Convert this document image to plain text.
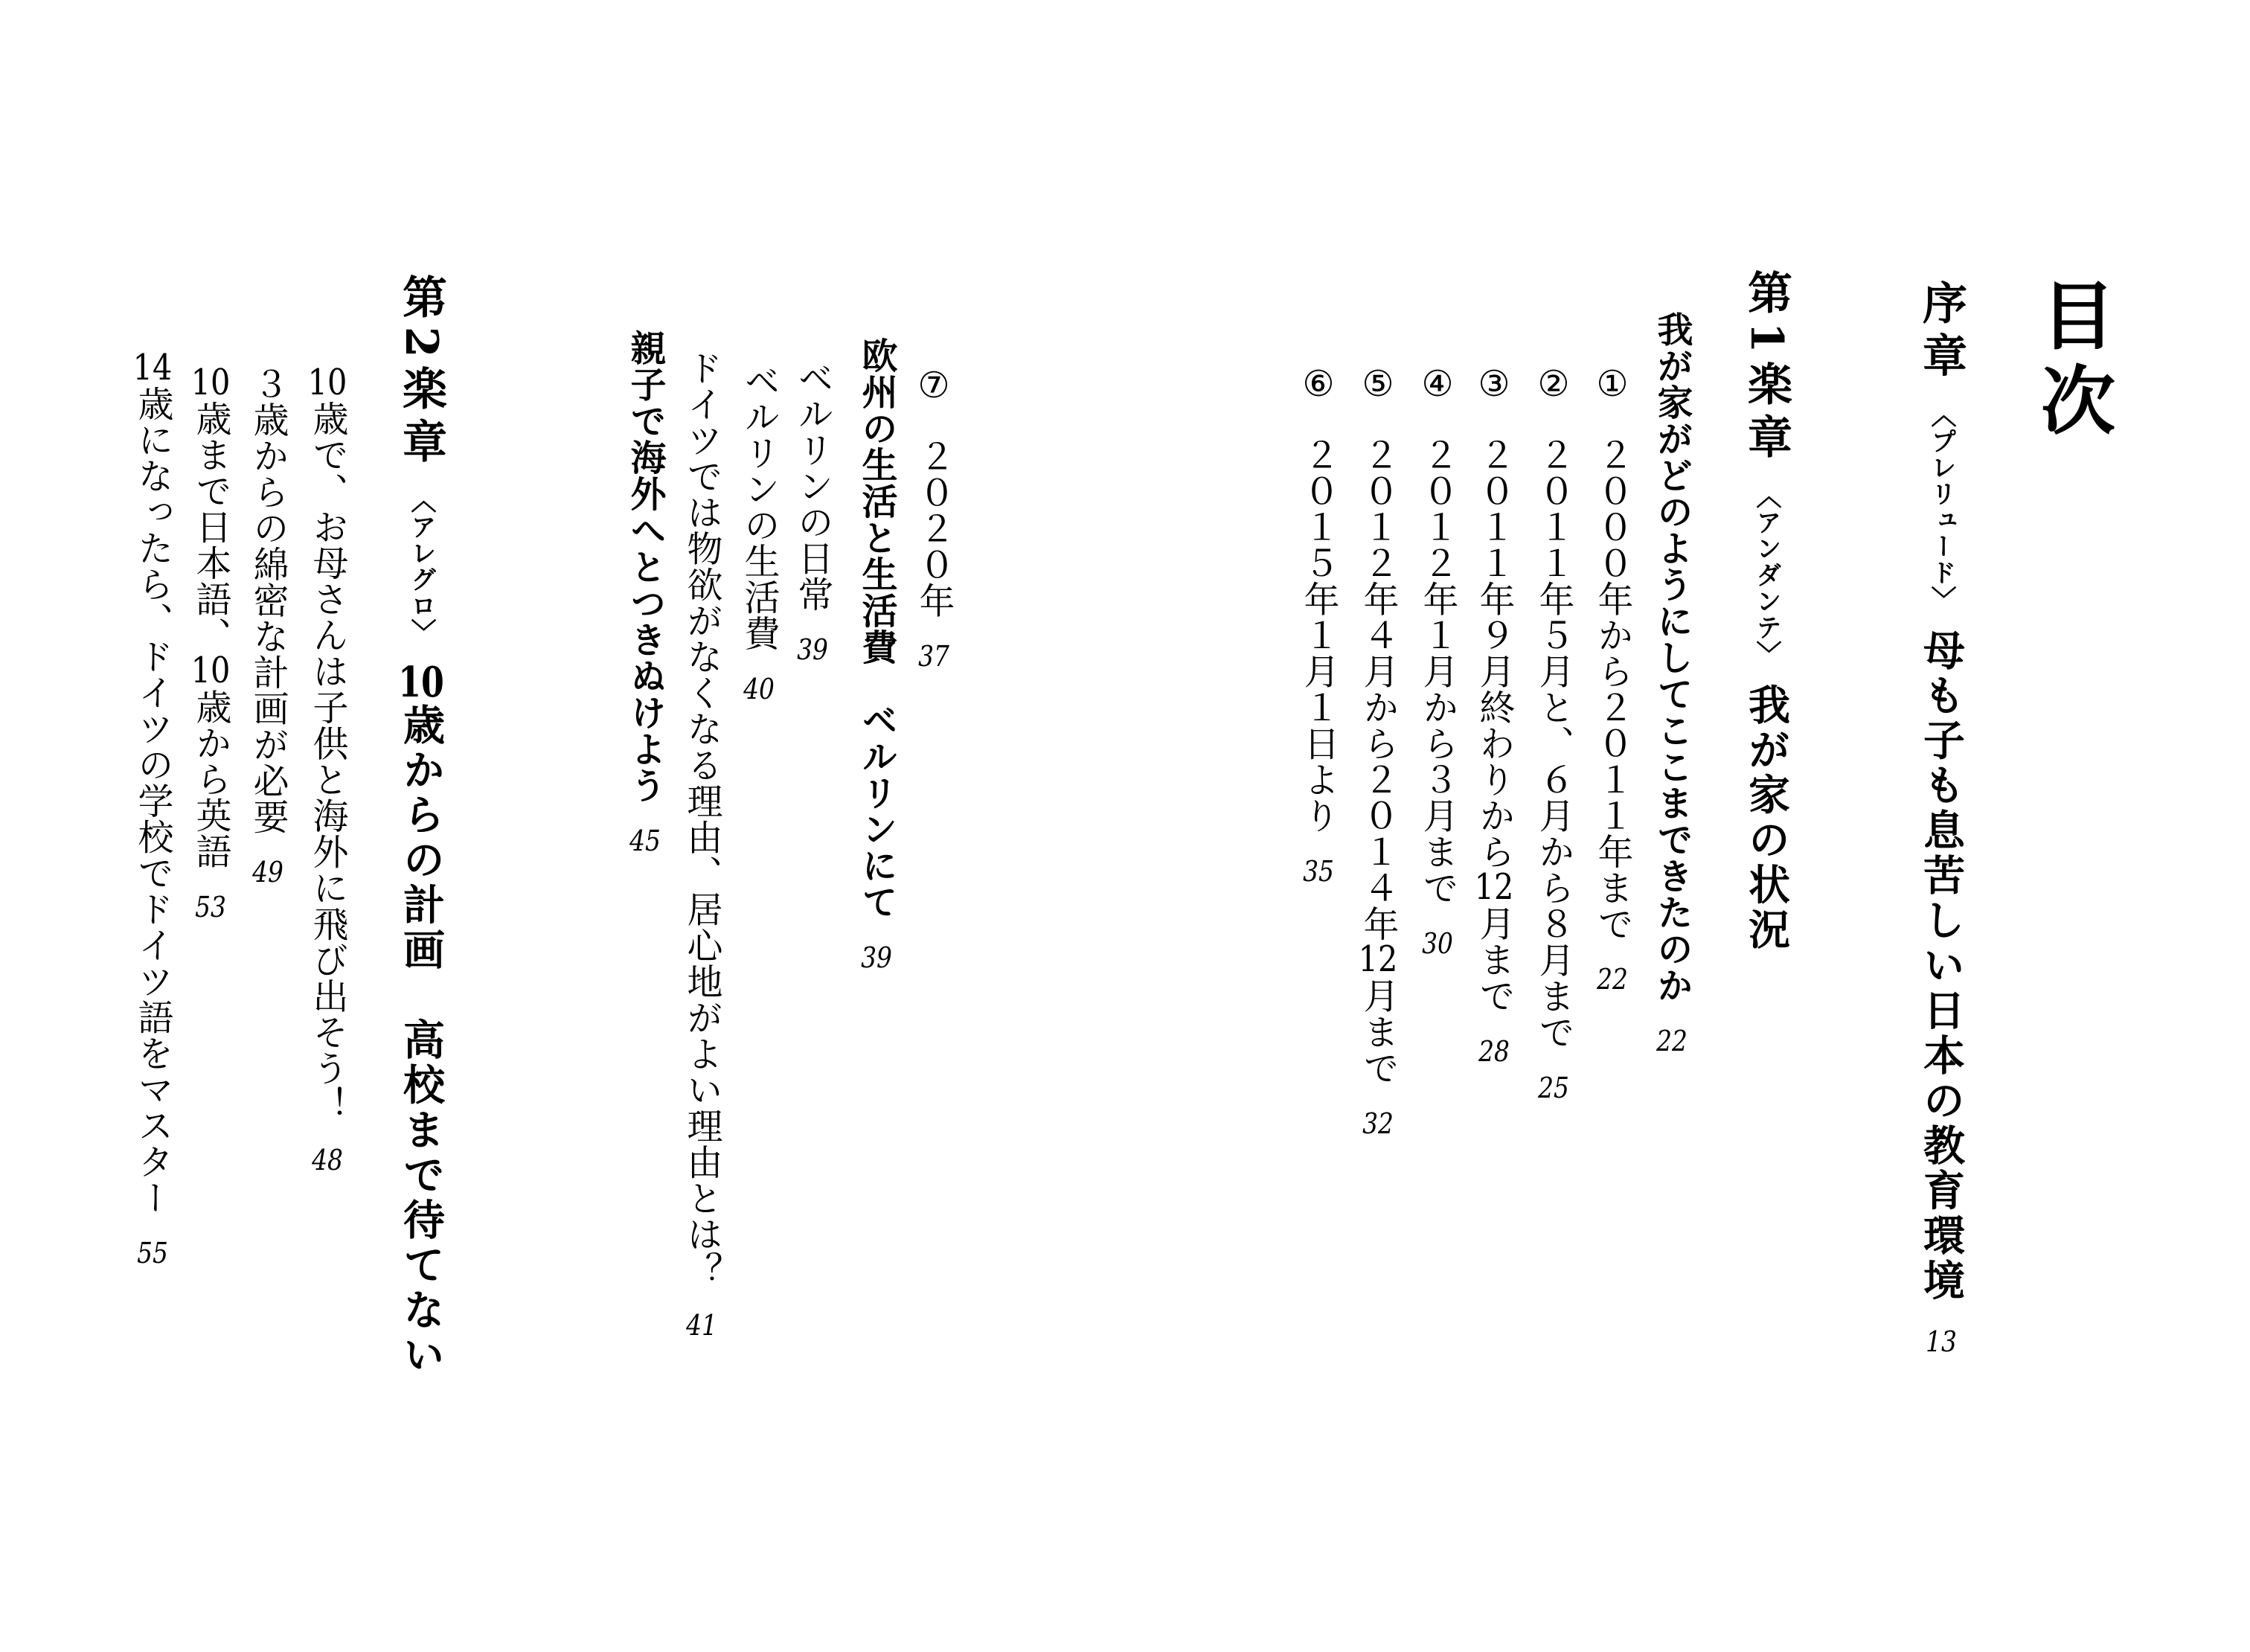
目次
序章〈プレリュード〉母も子も息苦しい日本の教育環境13
第1楽章〈アンダンテ〉我が家の状況
我が家がどのようにしてここまできたのか22
①２０００年から２０１１年まで22
②２０１１年５月と、６月から８月まで25
③２０１１年９月終わりから12月まで28
④２０１２年１月から３月まで30
⑤２０１２年４月から２０１４年12月まで32
⑥２０１５年１月１日より35
⑦２０２０年37
欧州の生活と生活費　ベルリンにて39
ベルリンの日常39
ベルリンの生活費40
ドイツでは物欲がなくなる理由、居心地がよい理由とは？41
親子で海外へとつきぬけよう45
第2楽章〈アレグロ〉10歳からの計画　高校まで待てない
10歳で、お母さんは子供と海外に飛び出そう！48
３歳からの綿密な計画が必要49
10歳まで日本語、10歳から英語53
14歳になったら、ドイツの学校でドイツ語をマスター55
